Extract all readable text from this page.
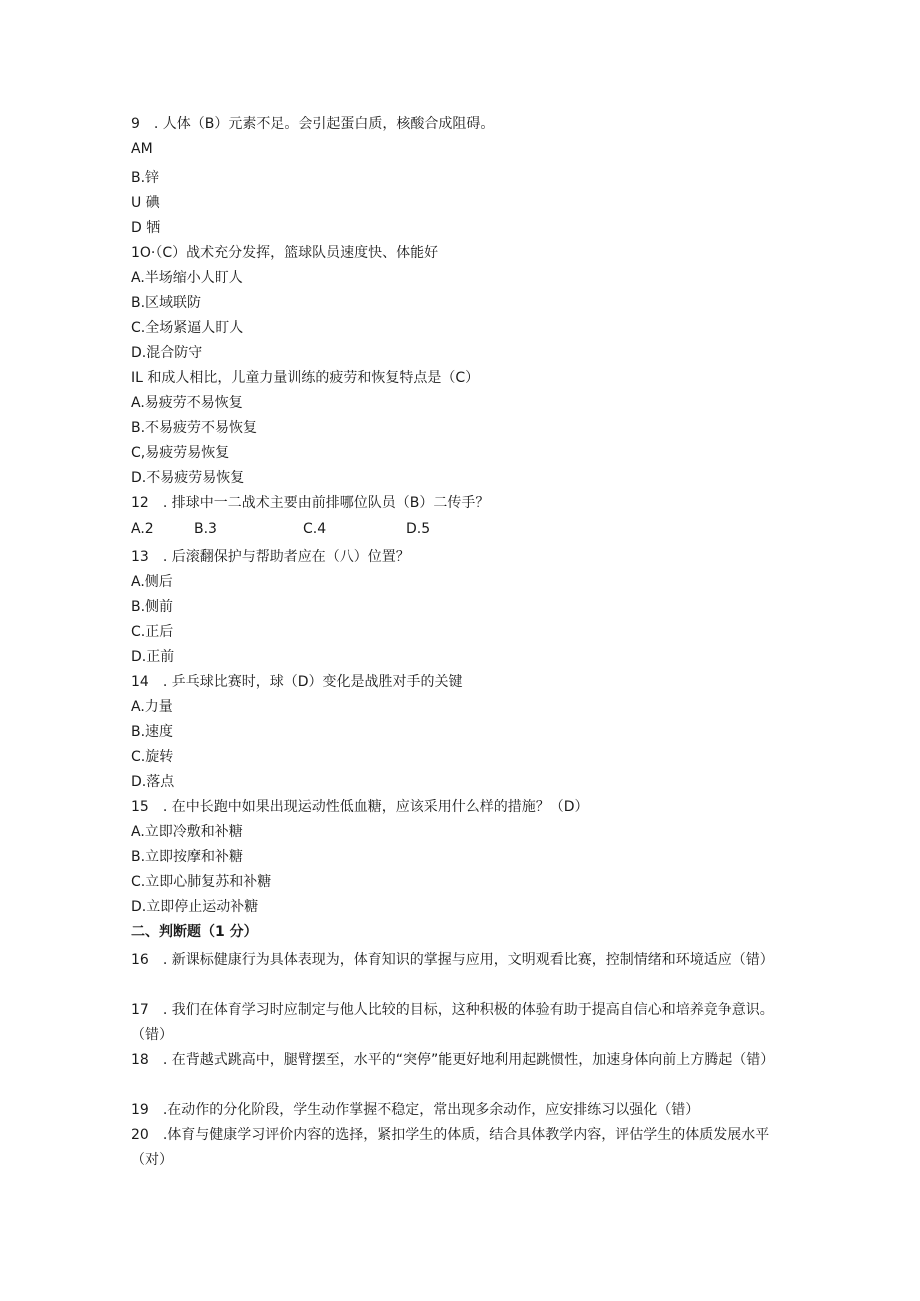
9　. 人体（B）元素不足。会引起蛋白质，核酸合成阻碍。
AM
B.锌
U 碘
D 牺
1O·（C）战术充分发挥，篮球队员速度快、体能好
A.半场缩小人盯人
B.区域联防
C.全场紧逼人盯人
D.混合防守
IL 和成人相比，儿童力量训练的疲劳和恢复特点是（C）
A.易疲劳不易恢复
B.不易疲劳不易恢复
C,易疲劳易恢复
D.不易疲劳易恢复
12　. 排球中一二战术主要由前排哪位队员（B）二传手？
A.2	B.3	C.4	D.5
13　. 后滚翻保护与帮助者应在（八）位置？
A.侧后
B.侧前
C.正后
D.正前
14　. 乒乓球比赛时，球（D）变化是战胜对手的关键
A.力量
B.速度
C.旋转
D.落点
15　. 在中长跑中如果出现运动性低血糖，应该采用什么样的措施？（D）
A.立即冷敷和补糖
B.立即按摩和补糖
C.立即心肺复苏和补糖
D.立即停止运动补糖
二、判断题（1 分）
16　. 新课标健康行为具体表现为，体育知识的掌握与应用，文明观看比赛，控制情绪和环境适应（错）
17　. 我们在体育学习时应制定与他人比较的目标，这种积极的体验有助于提高自信心和培养竞争意识。（错）
18　. 在背越式跳高中，腿臂摆至，水平的“突停”能更好地利用起跳惯性，加速身体向前上方腾起（错）
19　.在动作的分化阶段，学生动作掌握不稳定，常出现多余动作，应安排练习以强化（错）
20　.体育与健康学习评价内容的选择，紧扣学生的体质，结合具体教学内容，评估学生的体质发展水平（对）
